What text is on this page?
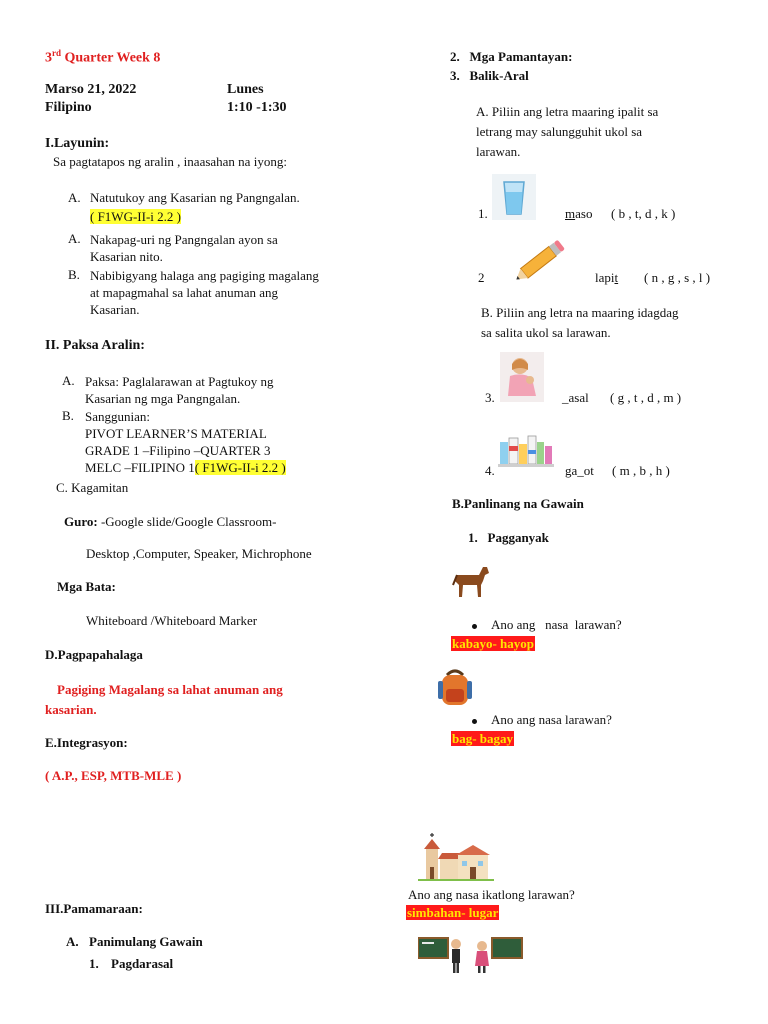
3rd Quarter Week 8
Marso 21, 2022	Lunes
Filipino	1:10 -1:30
I.Layunin:
Sa pagtatapos ng aralin , inaasahan na iyong:
A. Natutukoy ang Kasarian ng Pangngalan.
( F1WG-II-i 2.2 )
A. Nakapag-uri ng Pangngalan ayon sa
Kasarian nito.
B. Nabibigyang halaga ang pagiging magalang
at mapagmahal sa lahat anuman ang
Kasarian.
II. Paksa Aralin:
A. Paksa: Paglalarawan at Pagtukoy ng
Kasarian ng mga Pangngalan.
B. Sanggunian:
PIVOT LEARNER’S MATERIAL
GRADE 1 –Filipino –QUARTER 3
MELC –FILIPINO 1( F1WG-II-i 2.2 )
C. Kagamitan
Guro: -Google slide/Google Classroom-
Desktop ,Computer, Speaker, Michrophone
Mga Bata:
Whiteboard /Whiteboard Marker
D.Pagpapahalaga
Pagiging Magalang sa lahat anuman ang
kasarian.
E.Integrasyon:
( A.P., ESP, MTB-MLE )
III.Pamamaraan:
A. Panimulang Gawain
1. Pagdarasal
2.   Mga Pamantayan:
3.   Balik-Aral
A. Piliin ang letra maaring ipalit sa
letrang may salungguhit ukol sa
larawan.
1.	maso ( b , t, d , k )
2	lapit ( n , g , s , l )
B. Piliin ang letra na maaring idagdag
sa salita ukol sa larawan.
3.	_asal ( g , t , d , m )
4.	ga_ot ( m , b , h )
B.Panlinang na Gawain
1.   Pagganyak
Ano ang   nasa  larawan?
kabayo- hayop
Ano ang nasa larawan?
bag- bagay
Ano ang nasa ikatlong larawan?
simbahan- lugar
